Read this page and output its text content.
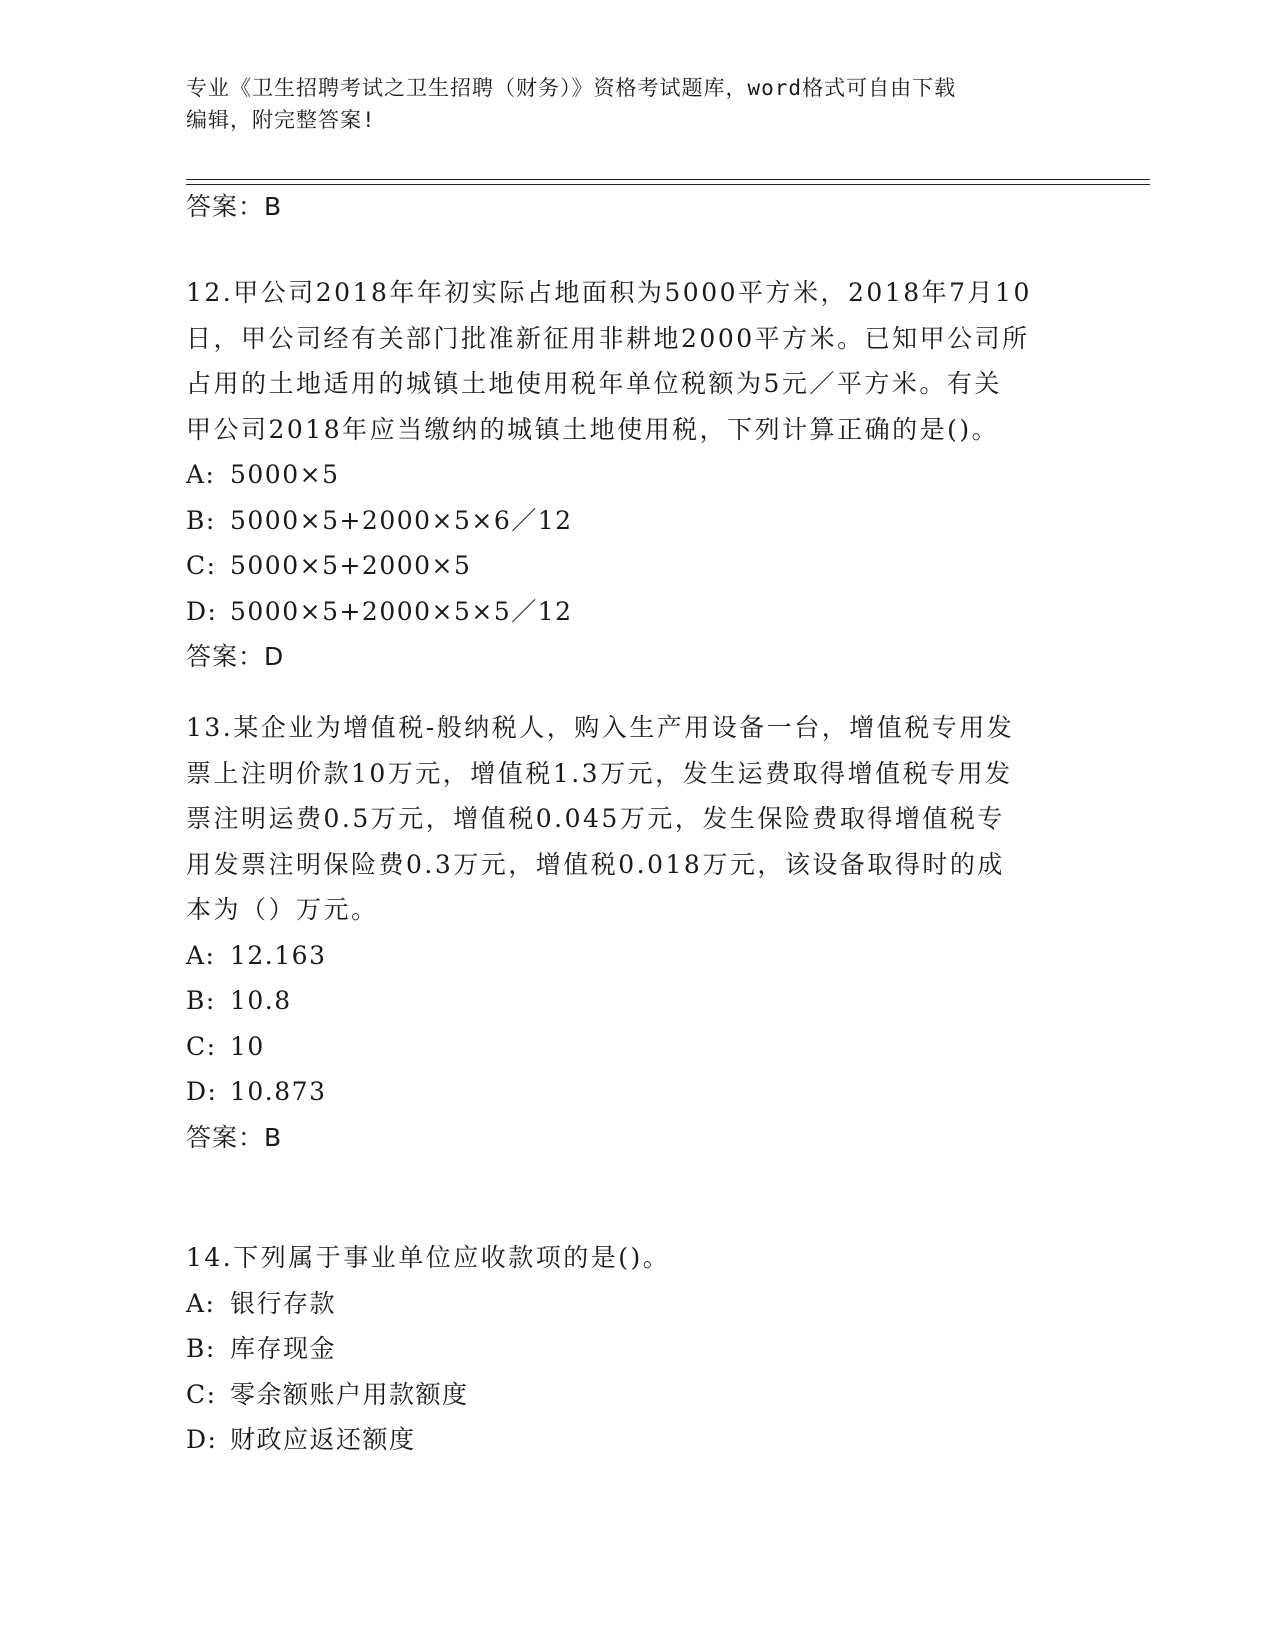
专业《卫生招聘考试之卫生招聘（财务）》资格考试题库，word格式可自由下载
编辑，附完整答案!
答案：B
12.甲公司2018年年初实际占地面积为5000平方米，2018年7月10
日，甲公司经有关部门批准新征用非耕地2000平方米。已知甲公司所
占用的土地适用的城镇土地使用税年单位税额为5元／平方米。有关
甲公司2018年应当缴纳的城镇土地使用税，下列计算正确的是()。
A: 5000×5
B: 5000×5+2000×5×6／12
C: 5000×5+2000×5
D: 5000×5+2000×5×5／12
答案：D
13.某企业为增值税-般纳税人，购入生产用设备一台，增值税专用发
票上注明价款10万元，增值税1.3万元，发生运费取得增值税专用发
票注明运费0.5万元，增值税0.045万元，发生保险费取得增值税专
用发票注明保险费0.3万元，增值税0.018万元，该设备取得时的成
本为（）万元。
A: 12.163
B: 10.8
C: 10
D: 10.873
答案：B
14.下列属于事业单位应收款项的是()。
A: 银行存款
B: 库存现金
C: 零余额账户用款额度
D: 财政应返还额度
